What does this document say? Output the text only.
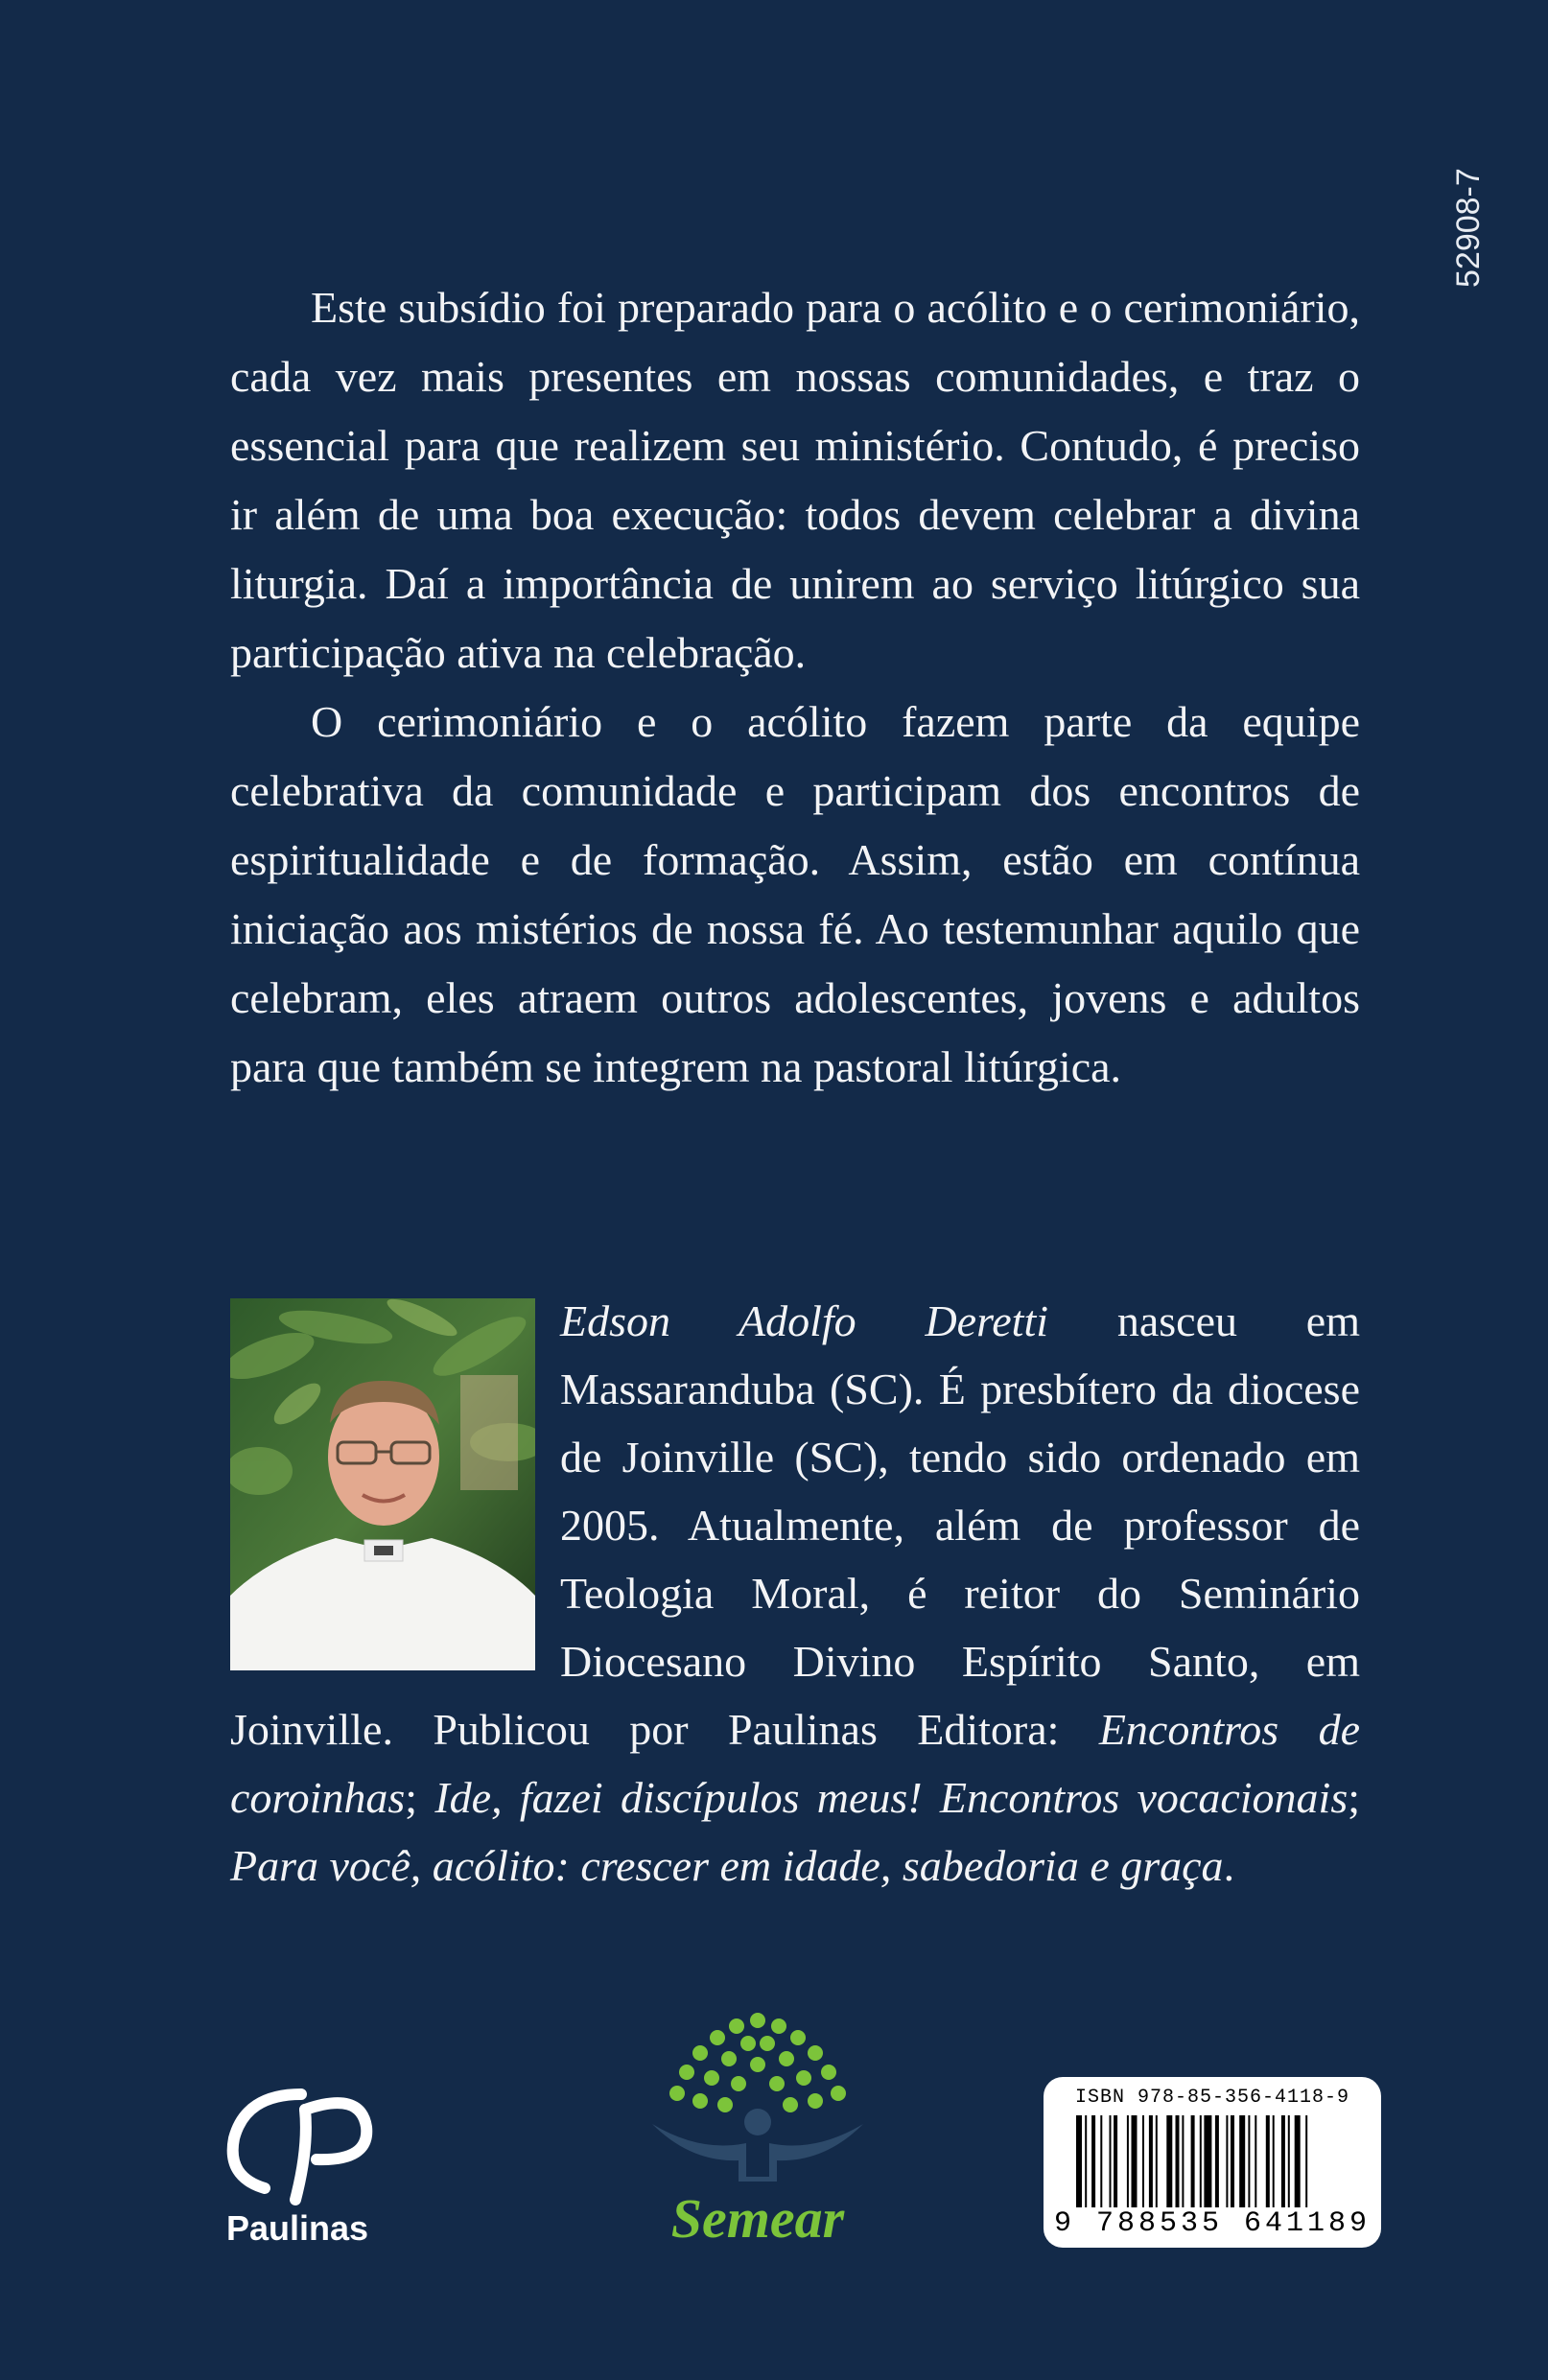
52908-7

Este subsídio foi preparado para o acólito e o cerimoniário, cada vez mais presentes em nossas comunidades, e traz o essencial para que realizem seu ministério. Contudo, é preciso ir além de uma boa execução: todos devem celebrar a divina liturgia. Daí a importância de unirem ao serviço litúrgico sua participação ativa na celebração.

O cerimoniário e o acólito fazem parte da equipe celebrativa da comunidade e participam dos encontros de espiritualidade e de formação. Assim, estão em contínua iniciação aos mistérios de nossa fé. Ao testemunhar aquilo que celebram, eles atraem outros adolescentes, jovens e adultos para que também se integrem na pastoral litúrgica.

Edson Adolfo Deretti nasceu em Massaranduba (SC). É presbítero da diocese de Joinville (SC), tendo sido ordenado em 2005. Atualmente, além de professor de Teologia Moral, é reitor do Seminário Diocesano Divino Espírito Santo, em Joinville. Publicou por Paulinas Editora: Encontros de coroinhas; Ide, fazei discípulos meus! Encontros vocacionais; Para você, acólito: crescer em idade, sabedoria e graça.
Paulinas	Semear
ISBN 978-85-356-4118-9
9 788535 641189
